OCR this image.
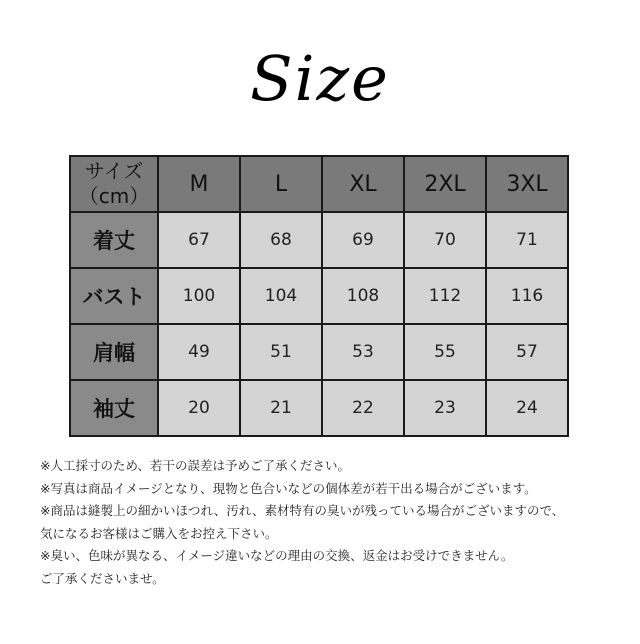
Size
サイズ
（cm）	M	L	XL	2XL	3XL
着丈	67	68	69	70	71
バスト	100	104	108	112	116
肩幅	49	51	53	55	57
袖丈	20	21	22	23	24
※人工採寸のため、若干の誤差は予めご了承ください。
※写真は商品イメージとなり、現物と色合いなどの個体差が若干出る場合がございます。
※商品は縫製上の細かいほつれ、汚れ、素材特有の臭いが残っている場合がございますので、
気になるお客様はご購入をお控え下さい。
※臭い、色味が異なる、イメージ違いなどの理由の交換、返金はお受けできません。
ご了承くださいませ。
